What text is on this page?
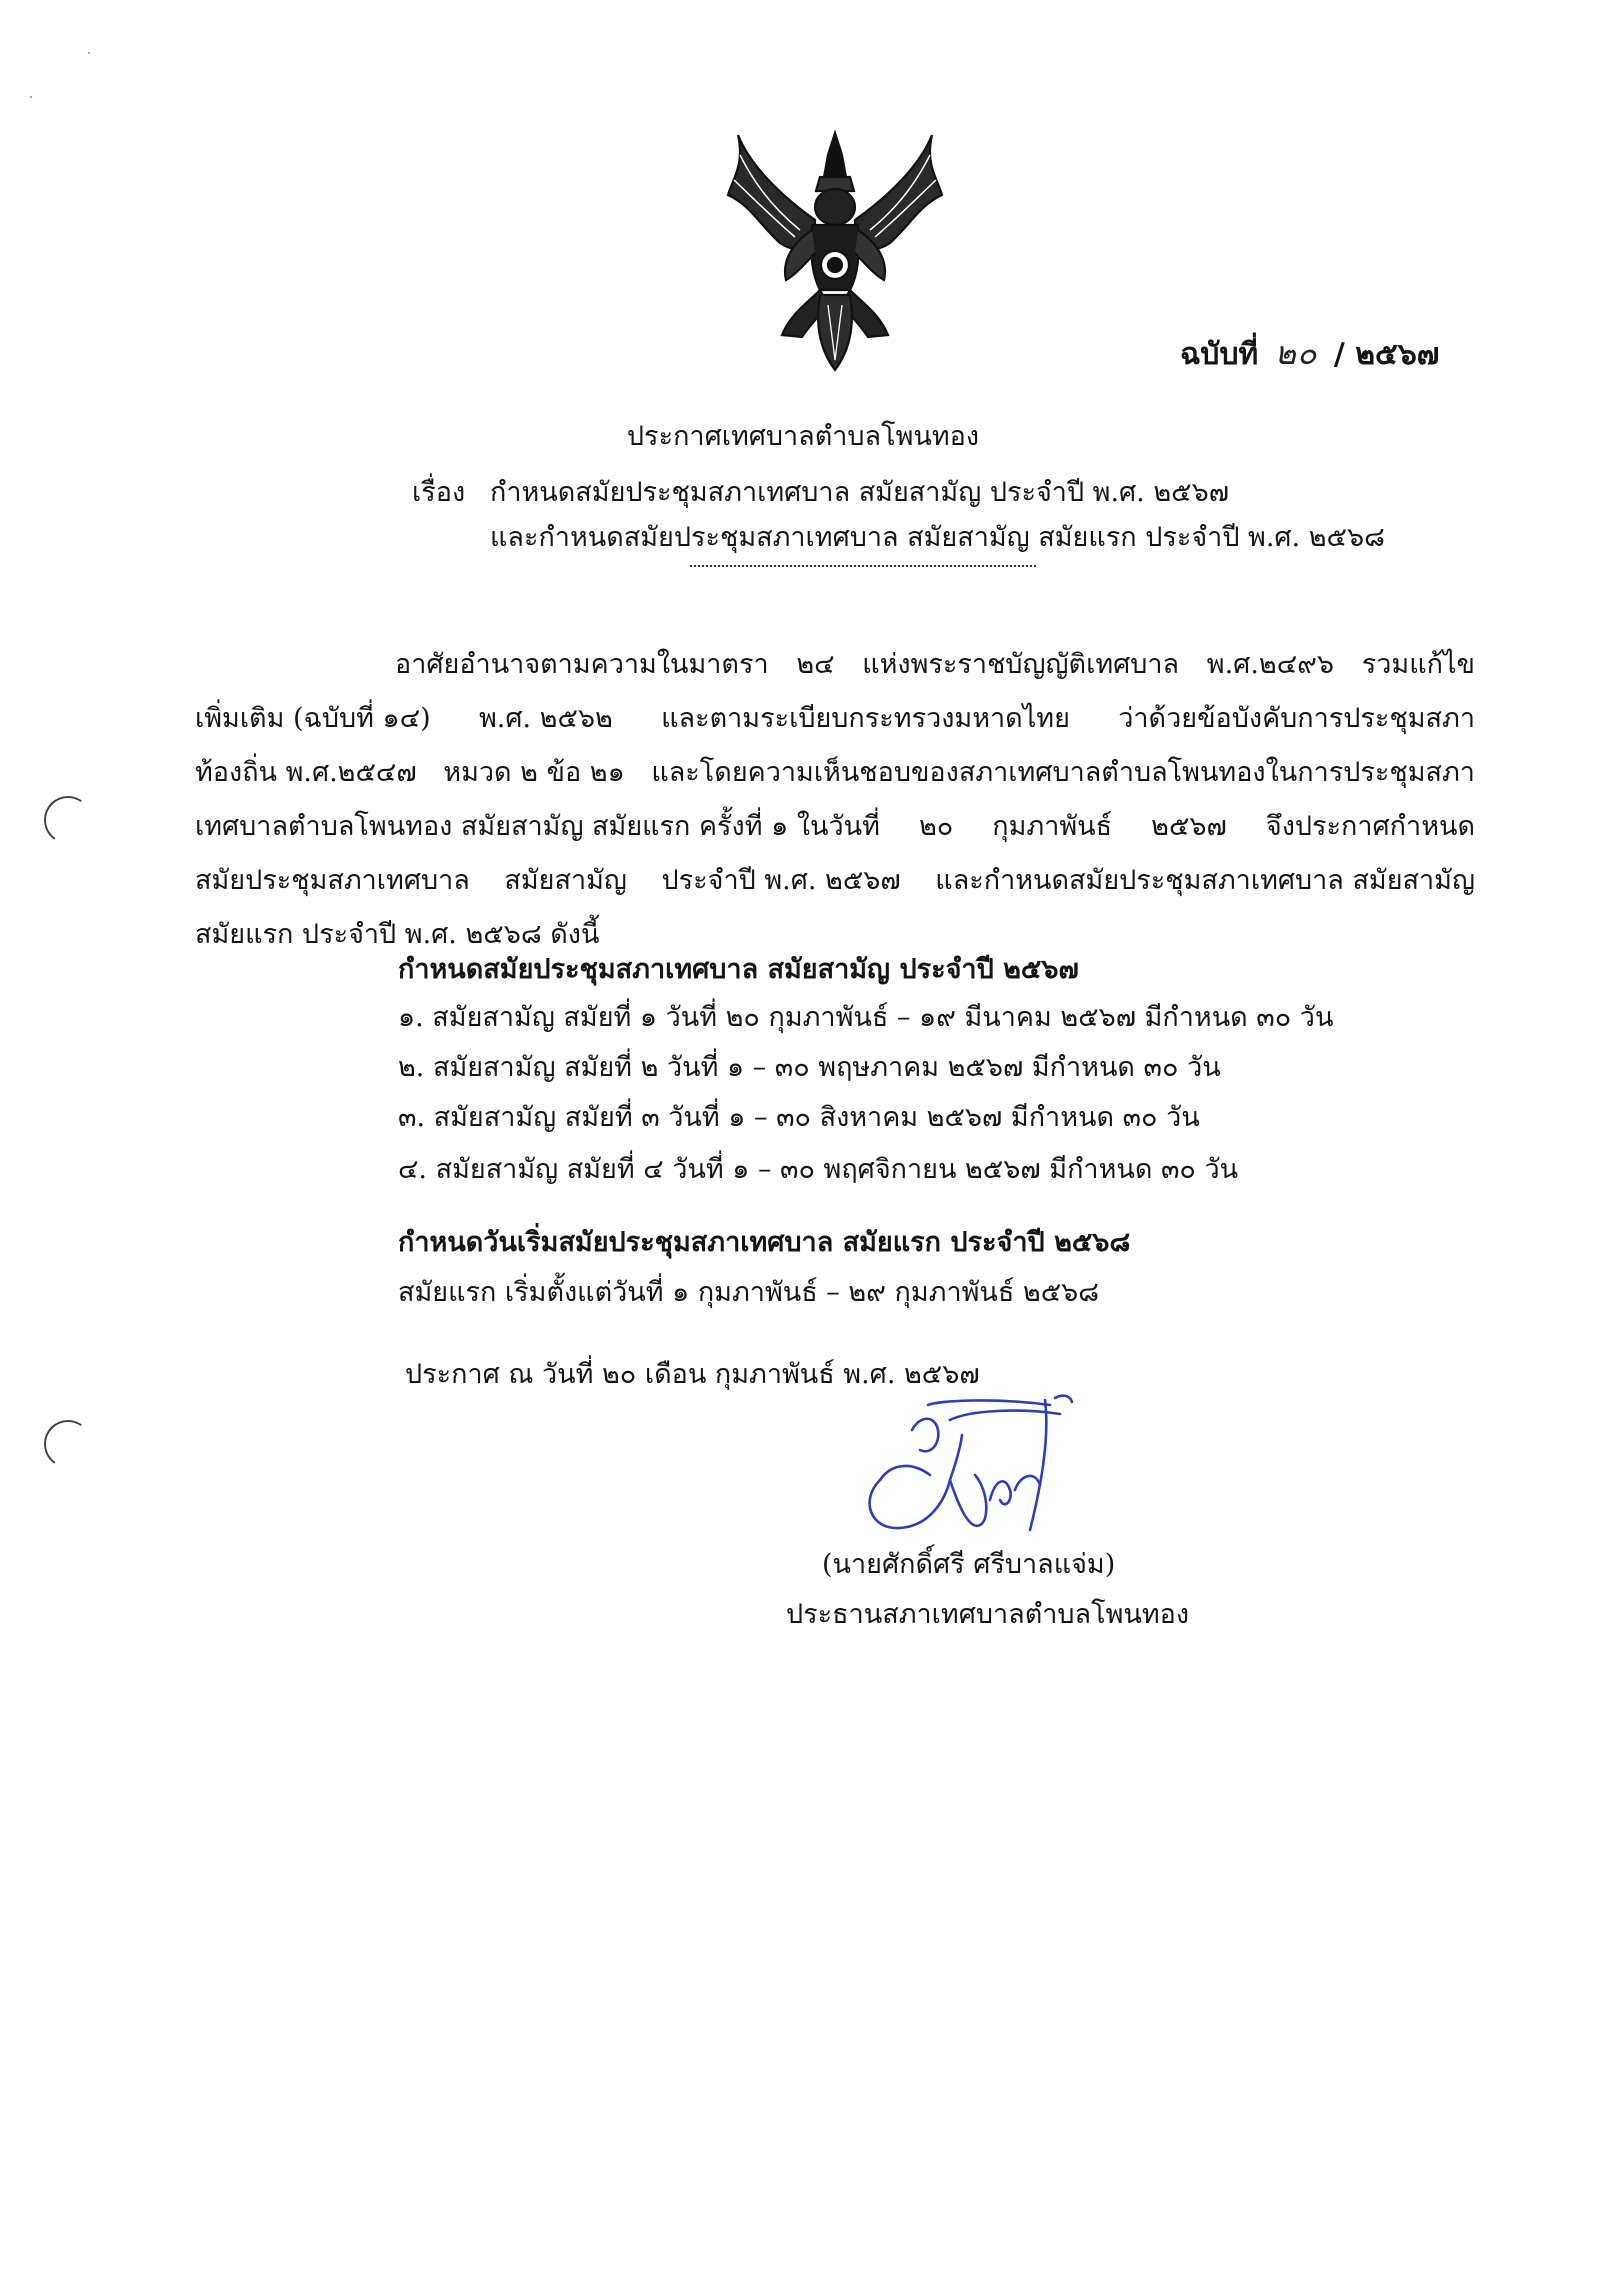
ฉบับที่ ๒๐ / ๒๕๖๗
ประกาศเทศบาลตำบลโพนทอง
เรื่อง กำหนดสมัยประชุมสภาเทศบาล สมัยสามัญ ประจำปี พ.ศ. ๒๕๖๗
และกำหนดสมัยประชุมสภาเทศบาล สมัยสามัญ สมัยแรก ประจำปี พ.ศ. ๒๕๖๘
อาศัยอำนาจตามความในมาตรา ๒๔ แห่งพระราชบัญญัติเทศบาล พ.ศ.๒๔๙๖ รวมแก้ไข
เพิ่มเติม (ฉบับที่ ๑๔) พ.ศ. ๒๕๖๒ และตามระเบียบกระทรวงมหาดไทย ว่าด้วยข้อบังคับการประชุมสภา
ท้องถิ่น พ.ศ.๒๕๔๗ หมวด ๒ ข้อ ๒๑ และโดยความเห็นชอบของสภาเทศบาลตำบลโพนทองในการประชุมสภา
เทศบาลตำบลโพนทอง สมัยสามัญ สมัยแรก ครั้งที่ ๑ ในวันที่ ๒๐ กุมภาพันธ์ ๒๕๖๗ จึงประกาศกำหนด
สมัยประชุมสภาเทศบาล สมัยสามัญ ประจำปี พ.ศ. ๒๕๖๗ และกำหนดสมัยประชุมสภาเทศบาล สมัยสามัญ
สมัยแรก ประจำปี พ.ศ. ๒๕๖๘ ดังนี้
กำหนดสมัยประชุมสภาเทศบาล สมัยสามัญ ประจำปี ๒๕๖๗
๑. สมัยสามัญ สมัยที่ ๑ วันที่ ๒๐ กุมภาพันธ์ – ๑๙ มีนาคม ๒๕๖๗ มีกำหนด ๓๐ วัน
๒. สมัยสามัญ สมัยที่ ๒ วันที่ ๑ – ๓๐ พฤษภาคม ๒๕๖๗ มีกำหนด ๓๐ วัน
๓. สมัยสามัญ สมัยที่ ๓ วันที่ ๑ – ๓๐ สิงหาคม ๒๕๖๗ มีกำหนด ๓๐ วัน
๔. สมัยสามัญ สมัยที่ ๔ วันที่ ๑ – ๓๐ พฤศจิกายน ๒๕๖๗ มีกำหนด ๓๐ วัน
กำหนดวันเริ่มสมัยประชุมสภาเทศบาล สมัยแรก ประจำปี ๒๕๖๘
สมัยแรก เริ่มตั้งแต่วันที่ ๑ กุมภาพันธ์ – ๒๙ กุมภาพันธ์ ๒๕๖๘
ประกาศ ณ วันที่ ๒๐ เดือน กุมภาพันธ์ พ.ศ. ๒๕๖๗
(นายศักดิ์ศรี ศรีบาลแจ่ม)
ประธานสภาเทศบาลตำบลโพนทอง
